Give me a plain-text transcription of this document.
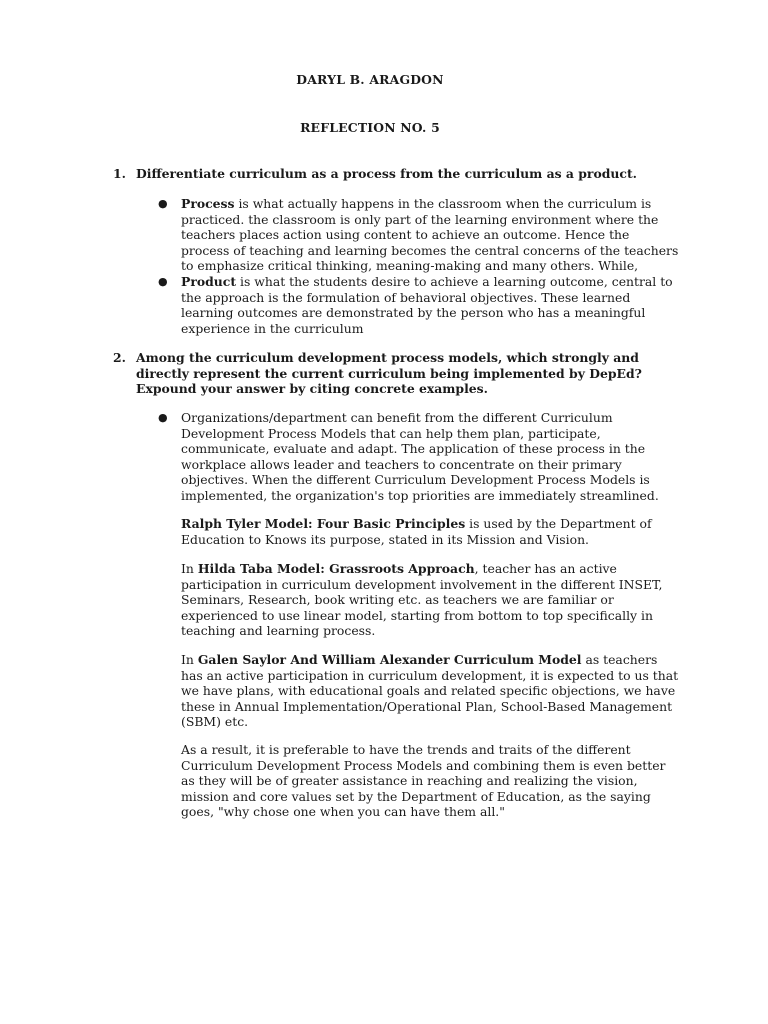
DARYL B. ARAGDON
REFLECTION NO. 5
1. Differentiate curriculum as a process from the curriculum as a product.
● Process is what actually happens in the classroom when the curriculum is practiced. the classroom is only part of the learning environment where the teachers places action using content to achieve an outcome. Hence the process of teaching and learning becomes the central concerns of the teachers to emphasize critical thinking, meaning-making and many others. While,
● Product is what the students desire to achieve a learning outcome, central to the approach is the formulation of behavioral objectives. These learned learning outcomes are demonstrated by the person who has a meaningful experience in the curriculum
2. Among the curriculum development process models, which strongly and directly represent the current curriculum being implemented by DepEd?
Expound your answer by citing concrete examples.
● Organizations/department can benefit from the different Curriculum Development Process Models that can help them plan, participate, communicate, evaluate and adapt. The application of these process in the workplace allows leader and teachers to concentrate on their primary objectives. When the different Curriculum Development Process Models is implemented, the organization's top priorities are immediately streamlined.
Ralph Tyler Model: Four Basic Principles is used by the Department of Education to Knows its purpose, stated in its Mission and Vision.
In Hilda Taba Model: Grassroots Approach, teacher has an active participation in curriculum development involvement in the different INSET, Seminars, Research, book writing etc. as teachers we are familiar or experienced to use linear model, starting from bottom to top specifically in teaching and learning process.
In Galen Saylor And William Alexander Curriculum Model as teachers has an active participation in curriculum development, it is expected to us that we have plans, with educational goals and related specific objections, we have these in Annual Implementation/Operational Plan, School-Based Management (SBM) etc.
As a result, it is preferable to have the trends and traits of the different Curriculum Development Process Models and combining them is even better as they will be of greater assistance in reaching and realizing the vision, mission and core values set by the Department of Education, as the saying goes, "why chose one when you can have them all."
